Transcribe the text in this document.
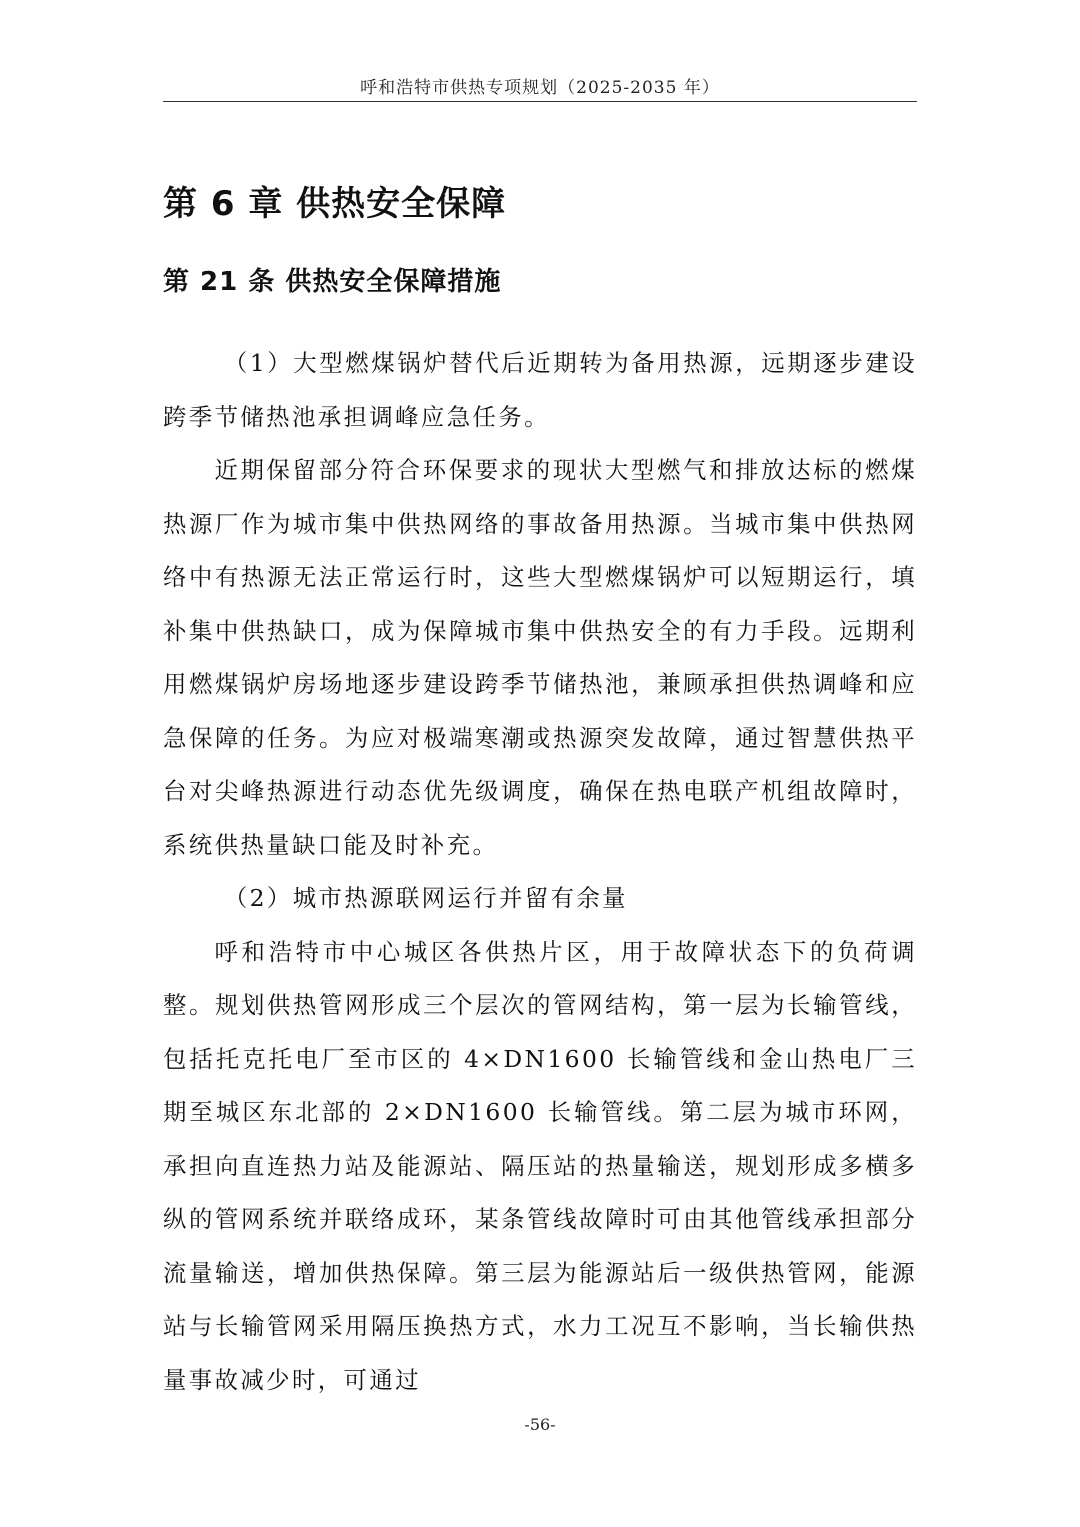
呼和浩特市供热专项规划（2025-2035 年）
第 6 章 供热安全保障
第 21 条 供热安全保障措施

（1）大型燃煤锅炉替代后近期转为备用热源，远期逐步建设跨季节储热池承担调峰应急任务。

近期保留部分符合环保要求的现状大型燃气和排放达标的燃煤热源厂作为城市集中供热网络的事故备用热源。当城市集中供热网络中有热源无法正常运行时，这些大型燃煤锅炉可以短期运行，填补集中供热缺口，成为保障城市集中供热安全的有力手段。远期利用燃煤锅炉房场地逐步建设跨季节储热池，兼顾承担供热调峰和应急保障的任务。为应对极端寒潮或热源突发故障，通过智慧供热平台对尖峰热源进行动态优先级调度，确保在热电联产机组故障时，系统供热量缺口能及时补充。

（2）城市热源联网运行并留有余量

呼和浩特市中心城区各供热片区，用于故障状态下的负荷调整。规划供热管网形成三个层次的管网结构，第一层为长输管线，包括托克托电厂至市区的 4×DN1600 长输管线和金山热电厂三期至城区东北部的 2×DN1600 长输管线。第二层为城市环网，承担向直连热力站及能源站、隔压站的热量输送，规划形成多横多纵的管网系统并联络成环，某条管线故障时可由其他管线承担部分流量输送，增加供热保障。第三层为能源站后一级供热管网，能源站与长输管网采用隔压换热方式，水力工况互不影响，当长输供热量事故减少时，可通过

-56-
